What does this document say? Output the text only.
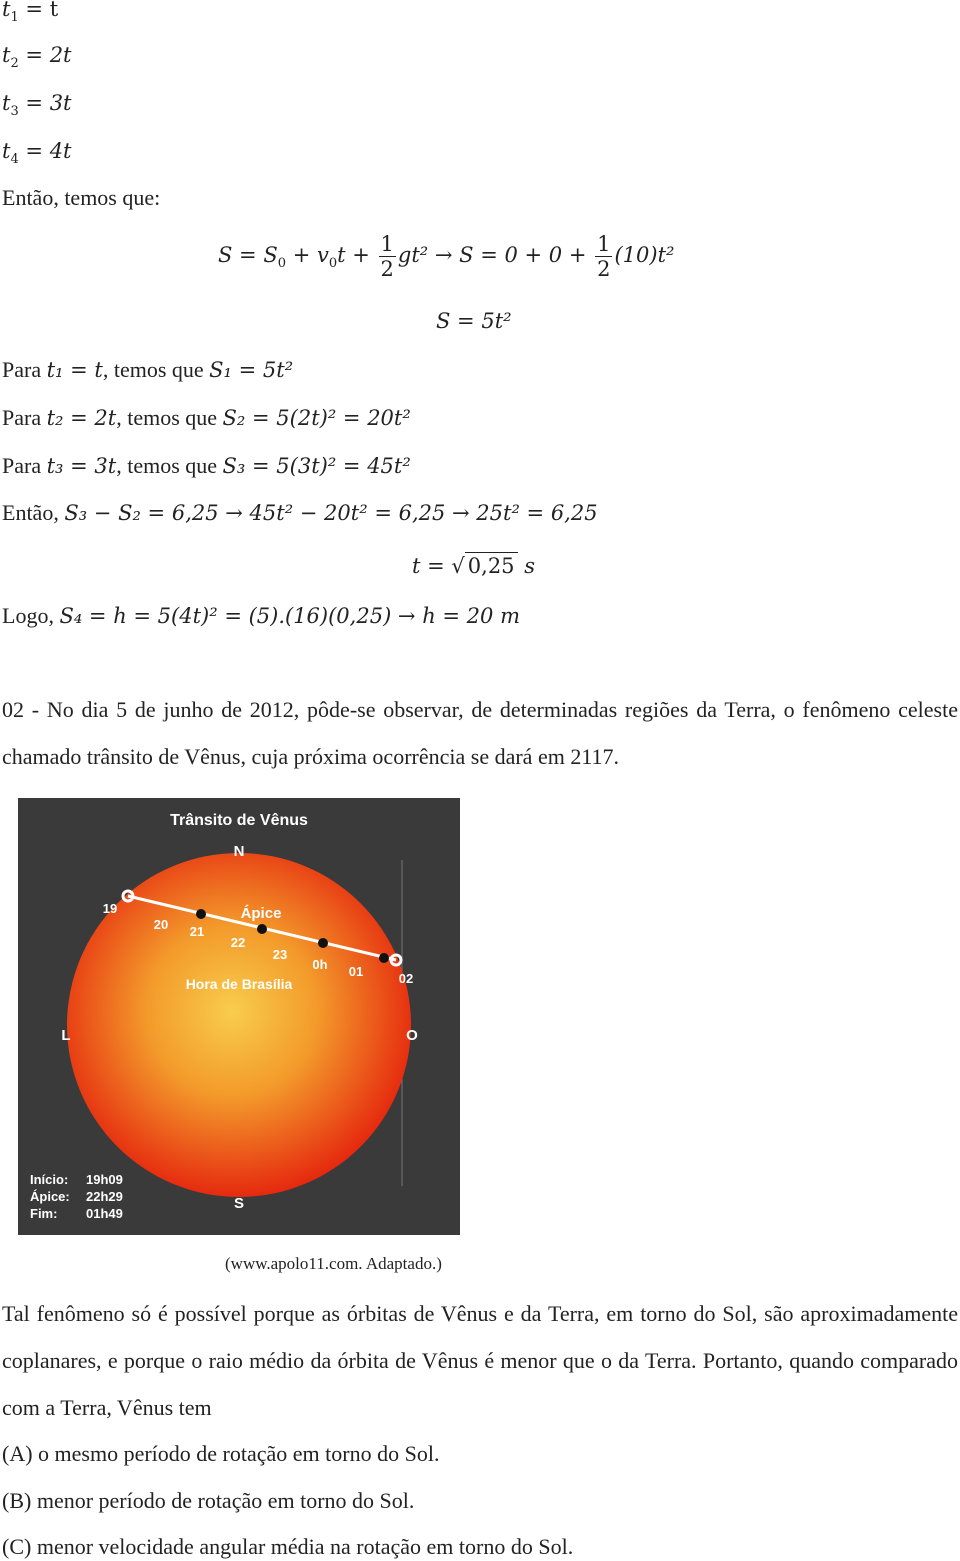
$t_1 = t$
$t_2 = 2t$
$t_3 = 3t$
$t_4 = 4t$
Então, temos que:
$S = S_0 + v_0t + \frac{1}{2} gt^2 \to S = 0 + 0 + \frac{1}{2} (10)t^2$
S = 5t²
Para t₁ = t, temos que S₁ = 5t²
Para t₂ = 2t, temos que S₂ = 5(2t)² = 20t²
Para t₃ = 3t, temos que S₃ = 5(3t)² = 45t²
Então, S₃ − S₂ = 6,25 → 45t² − 20t² = 6,25 → 25t² = 6,25
t = √ 0,25 s
Logo, S₄ = h = 5(4t)² = (5).(16)(0,25) → h = 20 m
02 - No dia 5 de junho de 2012, pôde-se observar, de determinadas regiões da Terra, o fenômeno celeste chamado trânsito de Vênus, cuja próxima ocorrência se dará em 2117.
Trânsito de Vênus
N
S
L	O
Ápice
Hora de Brasília
19
20 21
22
23
0h 01	02
Início: 19h09
Ápice: 22h29
Fim: 01h49
(www.apolo11.com. Adaptado.)
Tal fenômeno só é possível porque as órbitas de Vênus e da Terra, em torno do Sol, são aproximadamente coplanares, e porque o raio médio da órbita de Vênus é menor que o da Terra. Portanto, quando comparado com a Terra, Vênus tem
(A) o mesmo período de rotação em torno do Sol.
(B) menor período de rotação em torno do Sol.
(C) menor velocidade angular média na rotação em torno do Sol.
